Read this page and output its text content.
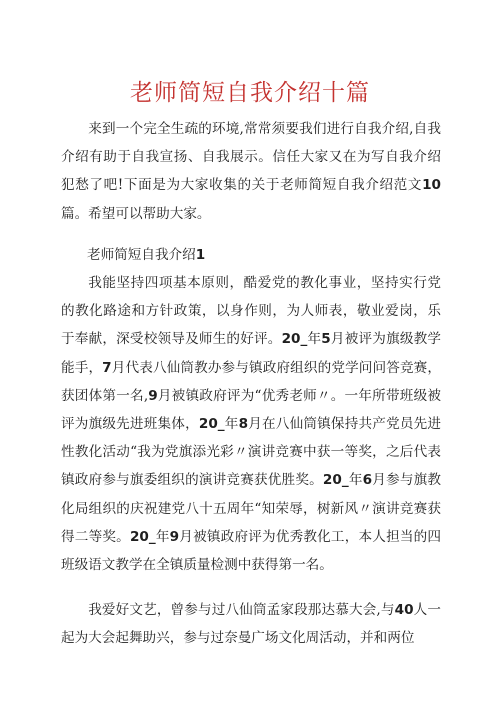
老师简短自我介绍十篇

来到一个完全生疏的环境,常常须要我们进行自我介绍,自我介绍有助于自我宣扬、自我展示。信任大家又在为写自我介绍犯愁了吧!下面是为大家收集的关于老师简短自我介绍范文10篇。希望可以帮助大家。

老师简短自我介绍1

我能坚持四项基本原则，酷爱党的教化事业，坚持实行党的教化路途和方针政策，以身作则，为人师表，敬业爱岗，乐于奉献，深受校领导及师生的好评。20_年5月被评为旗级教学能手，7月代表八仙筒教办参与镇政府组织的党学问问答竞赛，获团体第一名,9月被镇政府评为“优秀老师〃。一年所带班级被评为旗级先进班集体，20_年8月在八仙筒镇保持共产党员先进性教化活动“我为党旗添光彩〃演讲竞赛中获一等奖，之后代表镇政府参与旗委组织的演讲竞赛获优胜奖。20_年6月参与旗教化局组织的庆祝建党八十五周年“知荣辱，树新风〃演讲竞赛获得二等奖。20_年9月被镇政府评为优秀教化工，本人担当的四班级语文教学在全镇质量检测中获得第一名。

我爱好文艺，曾参与过八仙筒孟家段那达慕大会,与40人一起为大会起舞助兴，参与过奈曼广场文化周活动，并和两位
